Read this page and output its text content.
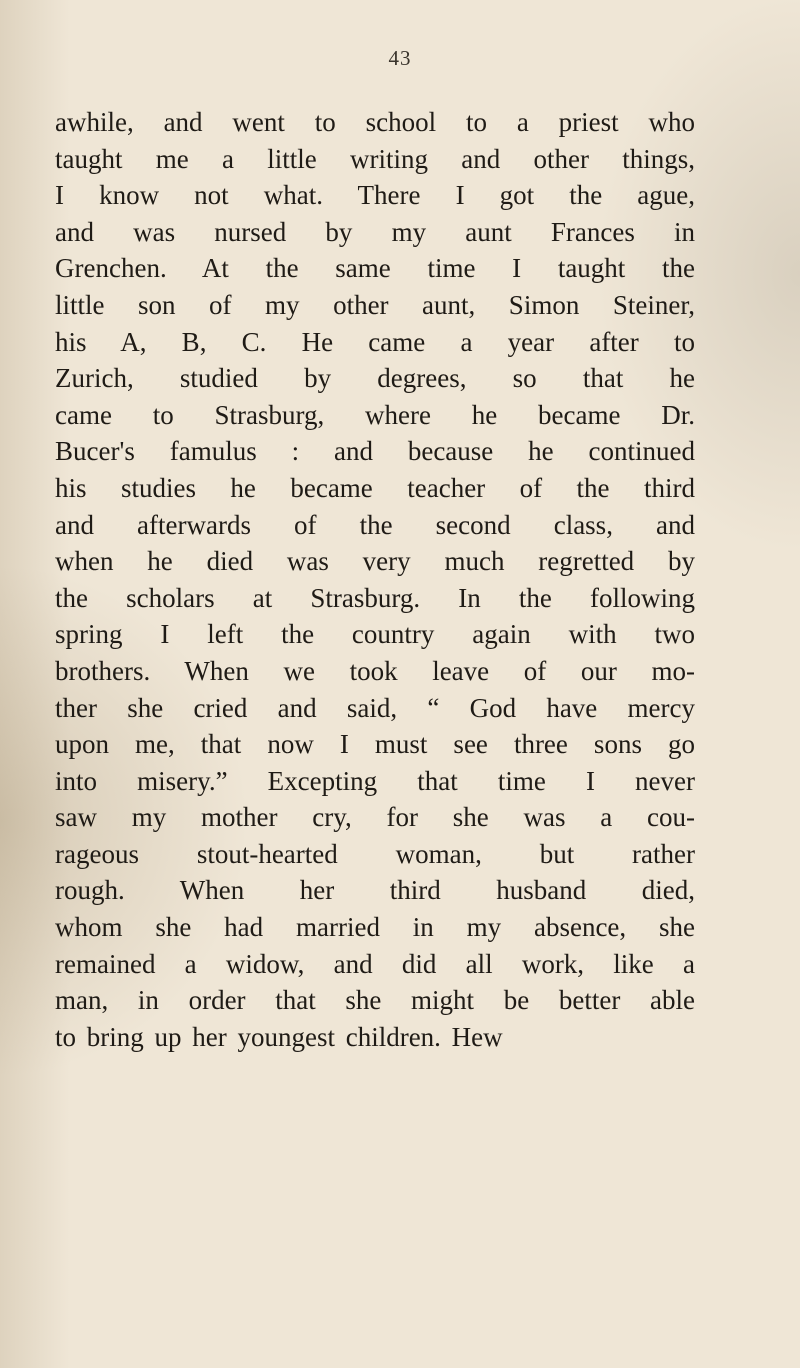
43
awhile, and went to school to a priest who
taught me a little writing and other things,
I know not what. There I got the ague,
and was nursed by my aunt Frances in
Grenchen. At the same time I taught the
little son of my other aunt, Simon Steiner,
his A, B, C. He came a year after to
Zurich, studied by degrees, so that he
came to Strasburg, where he became Dr.
Bucer's famulus : and because he continued
his studies he became teacher of the third
and afterwards of the second class, and
when he died was very much regretted by
the scholars at Strasburg. In the following
spring I left the country again with two
brothers. When we took leave of our mo-
ther she cried and said, “ God have mercy
upon me, that now I must see three sons go
into misery.” Excepting that time I never
saw my mother cry, for she was a cou-
rageous stout-hearted woman, but rather
rough. When her third husband died,
whom she had married in my absence, she
remained a widow, and did all work, like a
man, in order that she might be better able
to bring up her youngest children. Hew
